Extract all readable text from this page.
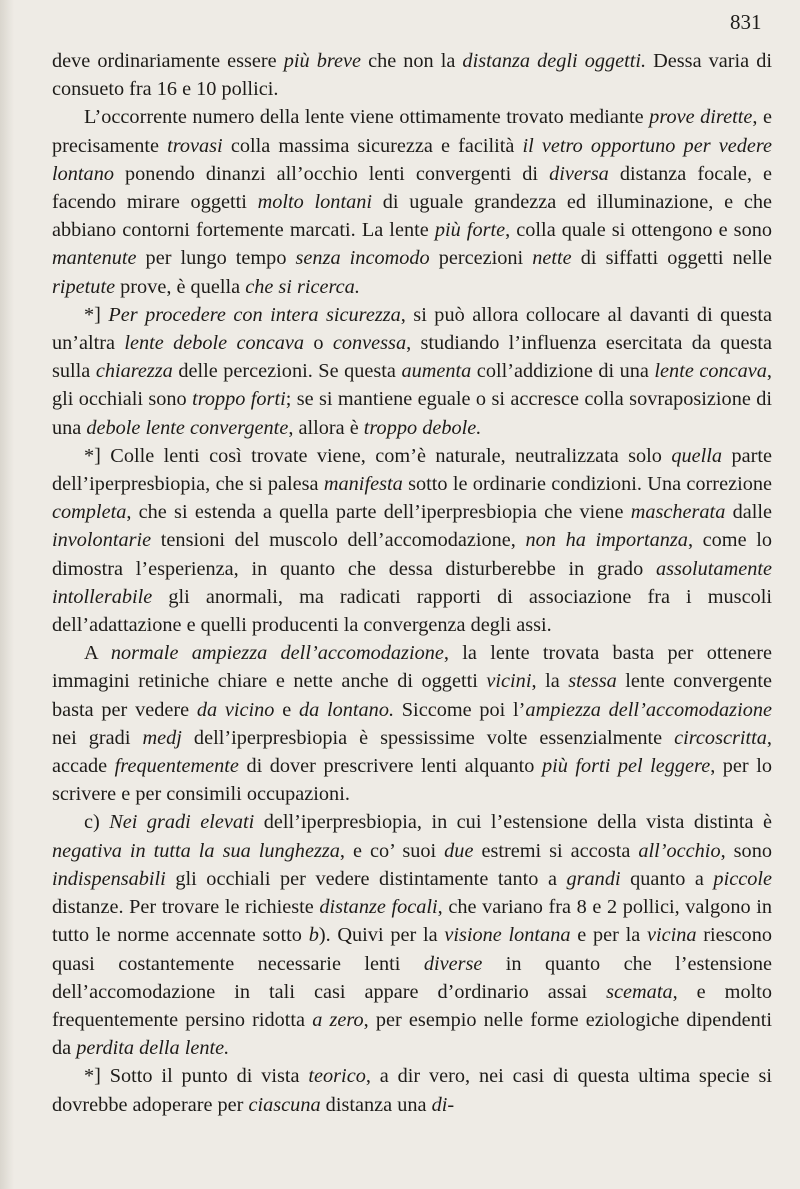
831

deve ordinariamente essere più breve che non la distanza degli oggetti. Dessa varia di consueto fra 16 e 10 pollici.

L’occorrente numero della lente viene ottimamente trovato mediante prove dirette, e precisamente trovasi colla massima sicurezza e facilità il vetro opportuno per vedere lontano ponendo dinanzi all’occhio lenti convergenti di diversa distanza focale, e facendo mirare oggetti molto lontani di uguale grandezza ed illuminazione, e che abbiano contorni fortemente marcati. La lente più forte, colla quale si ottengono e sono mantenute per lungo tempo senza incomodo percezioni nette di siffatti oggetti nelle ripetute prove, è quella che si ricerca.

*] Per procedere con intera sicurezza, si può allora collocare al davanti di questa un’altra lente debole concava o convessa, studiando l’influenza esercitata da questa sulla chiarezza delle percezioni. Se questa aumenta coll’addizione di una lente concava, gli occhiali sono troppo forti; se si mantiene eguale o si accresce colla sovraposizione di una debole lente convergente, allora è troppo debole.

*] Colle lenti così trovate viene, com’è naturale, neutralizzata solo quella parte dell’iperpresbiopia, che si palesa manifesta sotto le ordinarie condizioni. Una correzione completa, che si estenda a quella parte dell’iperpresbiopia che viene mascherata dalle involontarie tensioni del muscolo dell’accomodazione, non ha importanza, come lo dimostra l’esperienza, in quanto che dessa disturberebbe in grado assolutamente intollerabile gli anormali, ma radicati rapporti di associazione fra i muscoli dell’adattazione e quelli producenti la convergenza degli assi.

A normale ampiezza dell’accomodazione, la lente trovata basta per ottenere immagini retiniche chiare e nette anche di oggetti vicini, la stessa lente convergente basta per vedere da vicino e da lontano. Siccome poi l’ampiezza dell’accomodazione nei gradi medj dell’iperpresbiopia è spessissime volte essenzialmente circoscritta, accade frequentemente di dover prescrivere lenti alquanto più forti pel leggere, per lo scrivere e per consimili occupazioni.

c) Nei gradi elevati dell’iperpresbiopia, in cui l’estensione della vista distinta è negativa in tutta la sua lunghezza, e co’ suoi due estremi si accosta all’occhio, sono indispensabili gli occhiali per vedere distintamente tanto a grandi quanto a piccole distanze. Per trovare le richieste distanze focali, che variano fra 8 e 2 pollici, valgono in tutto le norme accennate sotto b). Quivi per la visione lontana e per la vicina riescono quasi costantemente necessarie lenti diverse in quanto che l’estensione dell’accomodazione in tali casi appare d’ordinario assai scemata, e molto frequentemente persino ridotta a zero, per esempio nelle forme eziologiche dipendenti da perdita della lente.

*] Sotto il punto di vista teorico, a dir vero, nei casi di questa ultima specie si dovrebbe adoperare per ciascuna distanza una di-
